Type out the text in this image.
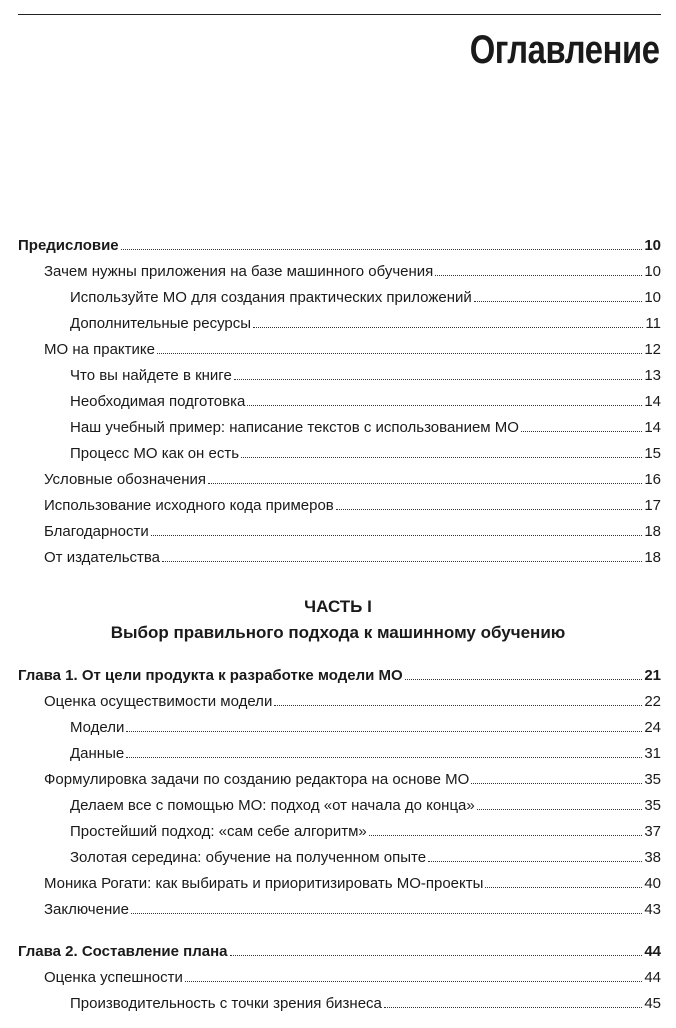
Оглавление
Предисловие	10
Зачем нужны приложения на базе машинного обучения	10
Используйте МО для создания практических приложений	10
Дополнительные ресурсы	11
МО на практике	12
Что вы найдете в книге	13
Необходимая подготовка	14
Наш учебный пример: написание текстов с использованием МО	14
Процесс МО как он есть	15
Условные обозначения	16
Использование исходного кода примеров	17
Благодарности	18
От издательства	18
ЧАСТЬ I
Выбор правильного подхода к машинному обучению
Глава 1. От цели продукта к разработке модели МО	21
Оценка осуществимости модели	22
Модели	24
Данные	31
Формулировка задачи по созданию редактора на основе МО	35
Делаем все с помощью МО: подход «от начала до конца»	35
Простейший подход: «сам себе алгоритм»	37
Золотая середина: обучение на полученном опыте	38
Моника Рогати: как выбирать и приоритизировать МО-проекты	40
Заключение	43
Глава 2. Составление плана	44
Оценка успешности	44
Производительность с точки зрения бизнеса	45
